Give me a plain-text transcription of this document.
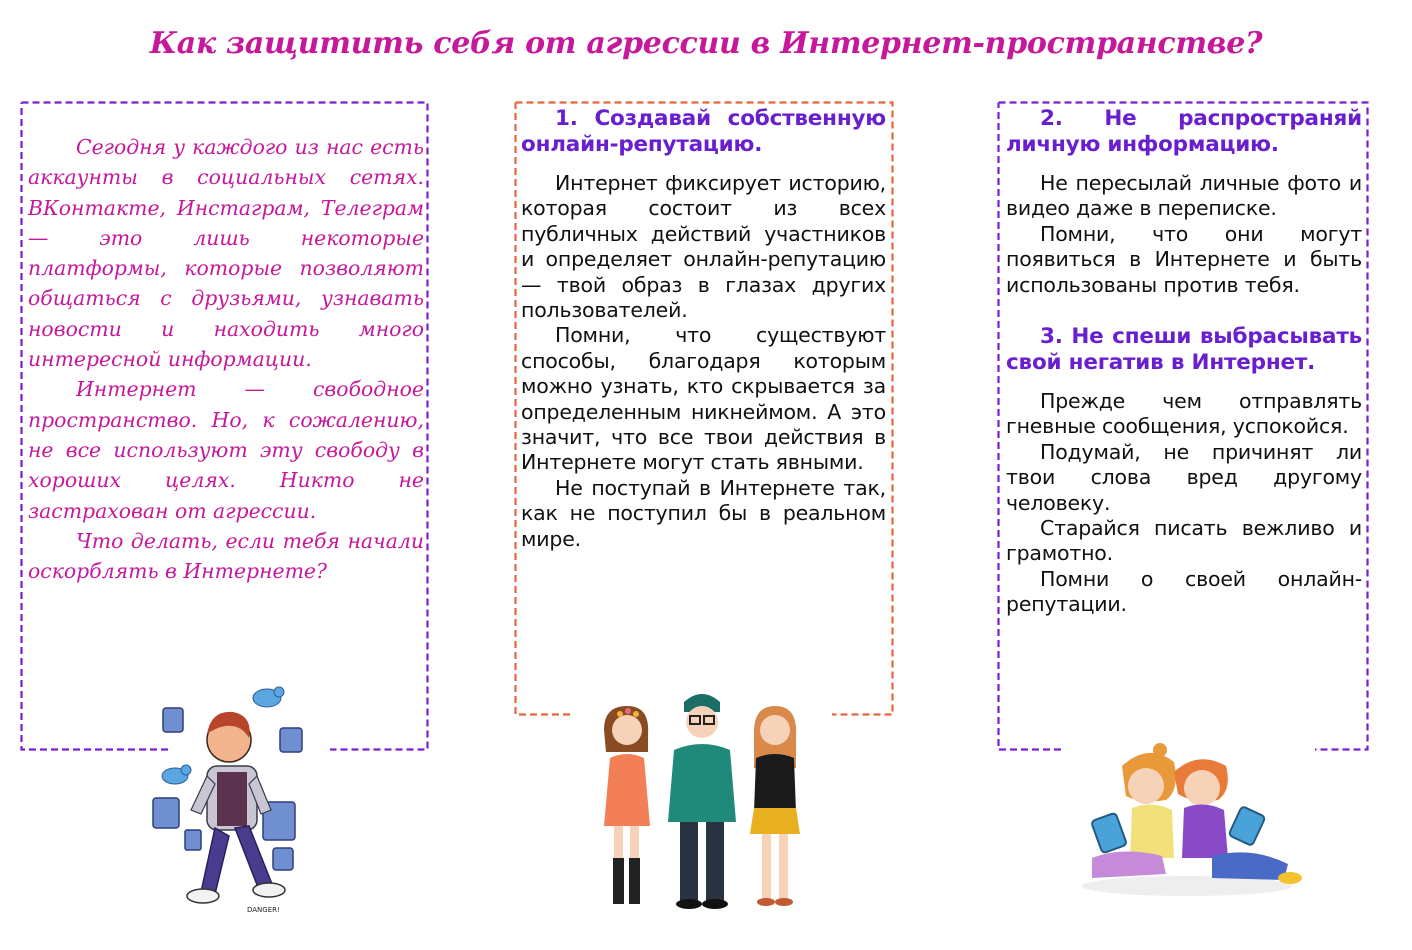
Как защитить себя от агрессии в Интернет-пространстве?

Сегодня у каждого из нас есть аккаунты в социальных сетях. ВКонтакте, Инстаграм, Телеграм — это лишь некоторые платформы, которые позволяют общаться с друзьями, узнавать новости и находить много интересной информации.

Интернет — свободное пространство. Но, к сожалению, не все используют эту свободу в хороших целях. Никто не застрахован от агрессии.

Что делать, если тебя начали оскорблять в Интернете?

1. Создавай собственную онлайн-репутацию.

Интернет фиксирует историю, которая состоит из всех публичных действий участников и определяет онлайн-репутацию — твой образ в глазах других пользователей.

Помни, что существуют способы, благодаря которым можно узнать, кто скрывается за определенным никнеймом. А это значит, что все твои действия в Интернете могут стать явными.

Не поступай в Интернете так, как не поступил бы в реальном мире.

2. Не распространяй личную информацию.

Не пересылай личные фото и видео даже в переписке.

Помни, что они могут появиться в Интернете и быть использованы против тебя.

3. Не спеши выбрасывать свой негатив в Интернет.

Прежде чем отправлять гневные сообщения, успокойся.

Подумай, не причинят ли твои слова вред другому человеку.

Старайся писать вежливо и грамотно.

Помни о своей онлайн-репутации.

DANGER!
